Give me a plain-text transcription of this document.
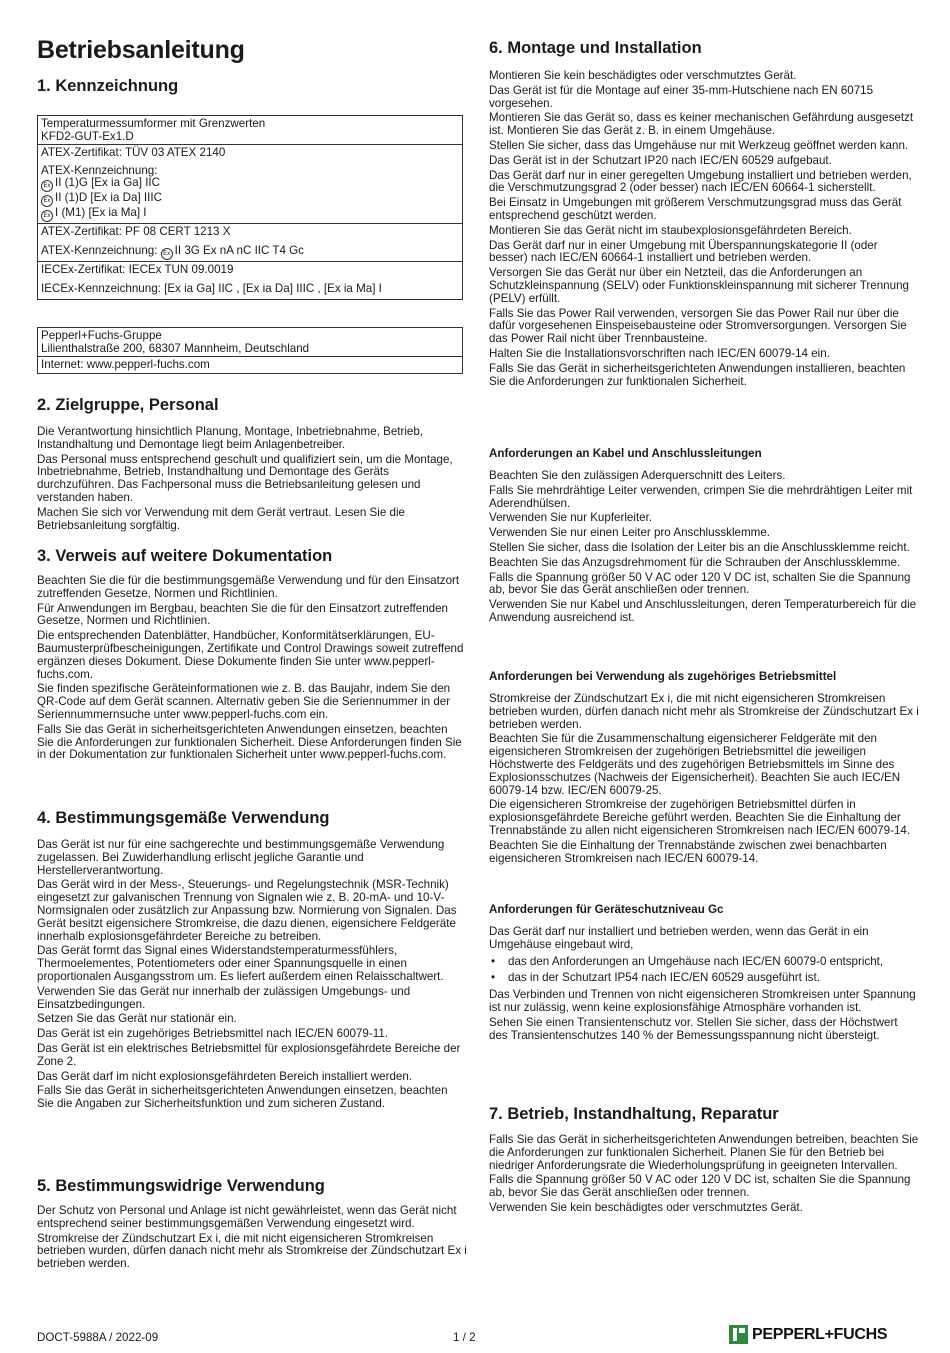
Betriebsanleitung
1. Kennzeichnung
Temperaturmessumformer mit Grenzwerten
KFD2-GUT-Ex1.D

ATEX-Zertifikat: TÜV 03 ATEX 2140
ATEX-Kennzeichnung:
Ex II (1)G [Ex ia Ga] IIC
Ex II (1)D [Ex ia Da] IIIC
Ex I (M1) [Ex ia Ma] I

ATEX-Zertifikat: PF 08 CERT 1213 X
ATEX-Kennzeichnung: Ex II 3G Ex nA nC IIC T4 Gc

IECEx-Zertifikat: IECEx TUN 09.0019
IECEx-Kennzeichnung: [Ex ia Ga] IIC , [Ex ia Da] IIIC , [Ex ia Ma] I
Pepperl+Fuchs-Gruppe
Lilienthalstraße 200, 68307 Mannheim, Deutschland

Internet: www.pepperl-fuchs.com
2. Zielgruppe, Personal

Die Verantwortung hinsichtlich Planung, Montage, Inbetriebnahme, Betrieb, Instandhaltung und Demontage liegt beim Anlagenbetreiber.

Das Personal muss entsprechend geschult und qualifiziert sein, um die Montage, Inbetriebnahme, Betrieb, Instandhaltung und Demontage des Geräts durchzuführen. Das Fachpersonal muss die Betriebsanleitung gelesen und verstanden haben.

Machen Sie sich vor Verwendung mit dem Gerät vertraut. Lesen Sie die Betriebsanleitung sorgfältig.

3. Verweis auf weitere Dokumentation

Beachten Sie die für die bestimmungsgemäße Verwendung und für den Einsatzort zutreffenden Gesetze, Normen und Richtlinien.

Für Anwendungen im Bergbau, beachten Sie die für den Einsatzort zutreffenden Gesetze, Normen und Richtlinien.

Die entsprechenden Datenblätter, Handbücher, Konformitätserklärungen, EU-Baumusterprüfbescheinigungen, Zertifikate und Control Drawings soweit zutreffend ergänzen dieses Dokument. Diese Dokumente finden Sie unter www.pepperl-fuchs.com.

Sie finden spezifische Geräteinformationen wie z. B. das Baujahr, indem Sie den QR-Code auf dem Gerät scannen. Alternativ geben Sie die Seriennummer in der Seriennummernsuche unter www.pepperl-fuchs.com ein.

Falls Sie das Gerät in sicherheitsgerichteten Anwendungen einsetzen, beachten Sie die Anforderungen zur funktionalen Sicherheit. Diese Anforderungen finden Sie in der Dokumentation zur funktionalen Sicherheit unter www.pepperl-fuchs.com.

4. Bestimmungsgemäße Verwendung

Das Gerät ist nur für eine sachgerechte und bestimmungsgemäße Verwendung zugelassen. Bei Zuwiderhandlung erlischt jegliche Garantie und Herstellerverantwortung.

Das Gerät wird in der Mess-, Steuerungs- und Regelungstechnik (MSR-Technik) eingesetzt zur galvanischen Trennung von Signalen wie z. B. 20-mA- und 10-V-Normsignalen oder zusätzlich zur Anpassung bzw. Normierung von Signalen. Das Gerät besitzt eigensichere Stromkreise, die dazu dienen, eigensichere Feldgeräte innerhalb explosionsgefährdeter Bereiche zu betreiben.

Das Gerät formt das Signal eines Widerstandstemperaturmessfühlers, Thermoelementes, Potentiometers oder einer Spannungsquelle in einen proportionalen Ausgangsstrom um. Es liefert außerdem einen Relaisschaltwert.

Verwenden Sie das Gerät nur innerhalb der zulässigen Umgebungs- und Einsatzbedingungen.

Setzen Sie das Gerät nur stationär ein.

Das Gerät ist ein zugehöriges Betriebsmittel nach IEC/EN 60079-11.

Das Gerät ist ein elektrisches Betriebsmittel für explosionsgefährdete Bereiche der Zone 2.

Das Gerät darf im nicht explosionsgefährdeten Bereich installiert werden.

Falls Sie das Gerät in sicherheitsgerichteten Anwendungen einsetzen, beachten Sie die Angaben zur Sicherheitsfunktion und zum sicheren Zustand.

5. Bestimmungswidrige Verwendung

Der Schutz von Personal und Anlage ist nicht gewährleistet, wenn das Gerät nicht entsprechend seiner bestimmungsgemäßen Verwendung eingesetzt wird.

Stromkreise der Zündschutzart Ex i, die mit nicht eigensicheren Stromkreisen betrieben wurden, dürfen danach nicht mehr als Stromkreise der Zündschutzart Ex i betrieben werden.

6. Montage und Installation

Montieren Sie kein beschädigtes oder verschmutztes Gerät.

Das Gerät ist für die Montage auf einer 35-mm-Hutschiene nach EN 60715 vorgesehen.

Montieren Sie das Gerät so, dass es keiner mechanischen Gefährdung ausgesetzt ist. Montieren Sie das Gerät z. B. in einem Umgehäuse.

Stellen Sie sicher, dass das Umgehäuse nur mit Werkzeug geöffnet werden kann.

Das Gerät ist in der Schutzart IP20 nach IEC/EN 60529 aufgebaut.

Das Gerät darf nur in einer geregelten Umgebung installiert und betrieben werden, die Verschmutzungsgrad 2 (oder besser) nach IEC/EN 60664-1 sicherstellt.

Bei Einsatz in Umgebungen mit größerem Verschmutzungsgrad muss das Gerät entsprechend geschützt werden.

Montieren Sie das Gerät nicht im staubexplosionsgefährdeten Bereich.

Das Gerät darf nur in einer Umgebung mit Überspannungskategorie II (oder besser) nach IEC/EN 60664-1 installiert und betrieben werden.

Versorgen Sie das Gerät nur über ein Netzteil, das die Anforderungen an Schutzkleinspannung (SELV) oder Funktionskleinspannung mit sicherer Trennung (PELV) erfüllt.

Falls Sie das Power Rail verwenden, versorgen Sie das Power Rail nur über die dafür vorgesehenen Einspeisebausteine oder Stromversorgungen. Versorgen Sie das Power Rail nicht über Trennbausteine.

Halten Sie die Installationsvorschriften nach IEC/EN 60079-14 ein.

Falls Sie das Gerät in sicherheitsgerichteten Anwendungen installieren, beachten Sie die Anforderungen zur funktionalen Sicherheit.

Anforderungen an Kabel und Anschlussleitungen

Beachten Sie den zulässigen Aderquerschnitt des Leiters.

Falls Sie mehrdrähtige Leiter verwenden, crimpen Sie die mehrdrähtigen Leiter mit Aderendhülsen.

Verwenden Sie nur Kupferleiter.

Verwenden Sie nur einen Leiter pro Anschlussklemme.

Stellen Sie sicher, dass die Isolation der Leiter bis an die Anschlussklemme reicht.

Beachten Sie das Anzugsdrehmoment für die Schrauben der Anschlussklemme.

Falls die Spannung größer 50 V AC oder 120 V DC ist, schalten Sie die Spannung ab, bevor Sie das Gerät anschließen oder trennen.

Verwenden Sie nur Kabel und Anschlussleitungen, deren Temperaturbereich für die Anwendung ausreichend ist.

Anforderungen bei Verwendung als zugehöriges Betriebsmittel

Stromkreise der Zündschutzart Ex i, die mit nicht eigensicheren Stromkreisen betrieben wurden, dürfen danach nicht mehr als Stromkreise der Zündschutzart Ex i betrieben werden.

Beachten Sie für die Zusammenschaltung eigensicherer Feldgeräte mit den eigensicheren Stromkreisen der zugehörigen Betriebsmittel die jeweiligen Höchstwerte des Feldgeräts und des zugehörigen Betriebsmittels im Sinne des Explosionsschutzes (Nachweis der Eigensicherheit). Beachten Sie auch IEC/EN 60079-14 bzw. IEC/EN 60079-25.

Die eigensicheren Stromkreise der zugehörigen Betriebsmittel dürfen in explosionsgefährdete Bereiche geführt werden. Beachten Sie die Einhaltung der Trennabstände zu allen nicht eigensicheren Stromkreisen nach IEC/EN 60079-14.

Beachten Sie die Einhaltung der Trennabstände zwischen zwei benachbarten eigensicheren Stromkreisen nach IEC/EN 60079-14.

Anforderungen für Geräteschutzniveau Gc

Das Gerät darf nur installiert und betrieben werden, wenn das Gerät in ein Umgehäuse eingebaut wird,

• das den Anforderungen an Umgehäuse nach IEC/EN 60079-0 entspricht,
• das in der Schutzart IP54 nach IEC/EN 60529 ausgeführt ist.

Das Verbinden und Trennen von nicht eigensicheren Stromkreisen unter Spannung ist nur zulässig, wenn keine explosionsfähige Atmosphäre vorhanden ist.

Sehen Sie einen Transientenschutz vor. Stellen Sie sicher, dass der Höchstwert des Transientenschutzes 140 % der Bemessungsspannung nicht übersteigt.

7. Betrieb, Instandhaltung, Reparatur

Falls Sie das Gerät in sicherheitsgerichteten Anwendungen betreiben, beachten Sie die Anforderungen zur funktionalen Sicherheit. Planen Sie für den Betrieb bei niedriger Anforderungsrate die Wiederholungsprüfung in geeigneten Intervallen.

Falls die Spannung größer 50 V AC oder 120 V DC ist, schalten Sie die Spannung ab, bevor Sie das Gerät anschließen oder trennen.

Verwenden Sie kein beschädigtes oder verschmutztes Gerät.

DOCT-5988A / 2022-09	1 / 2	PEPPERL+FUCHS
